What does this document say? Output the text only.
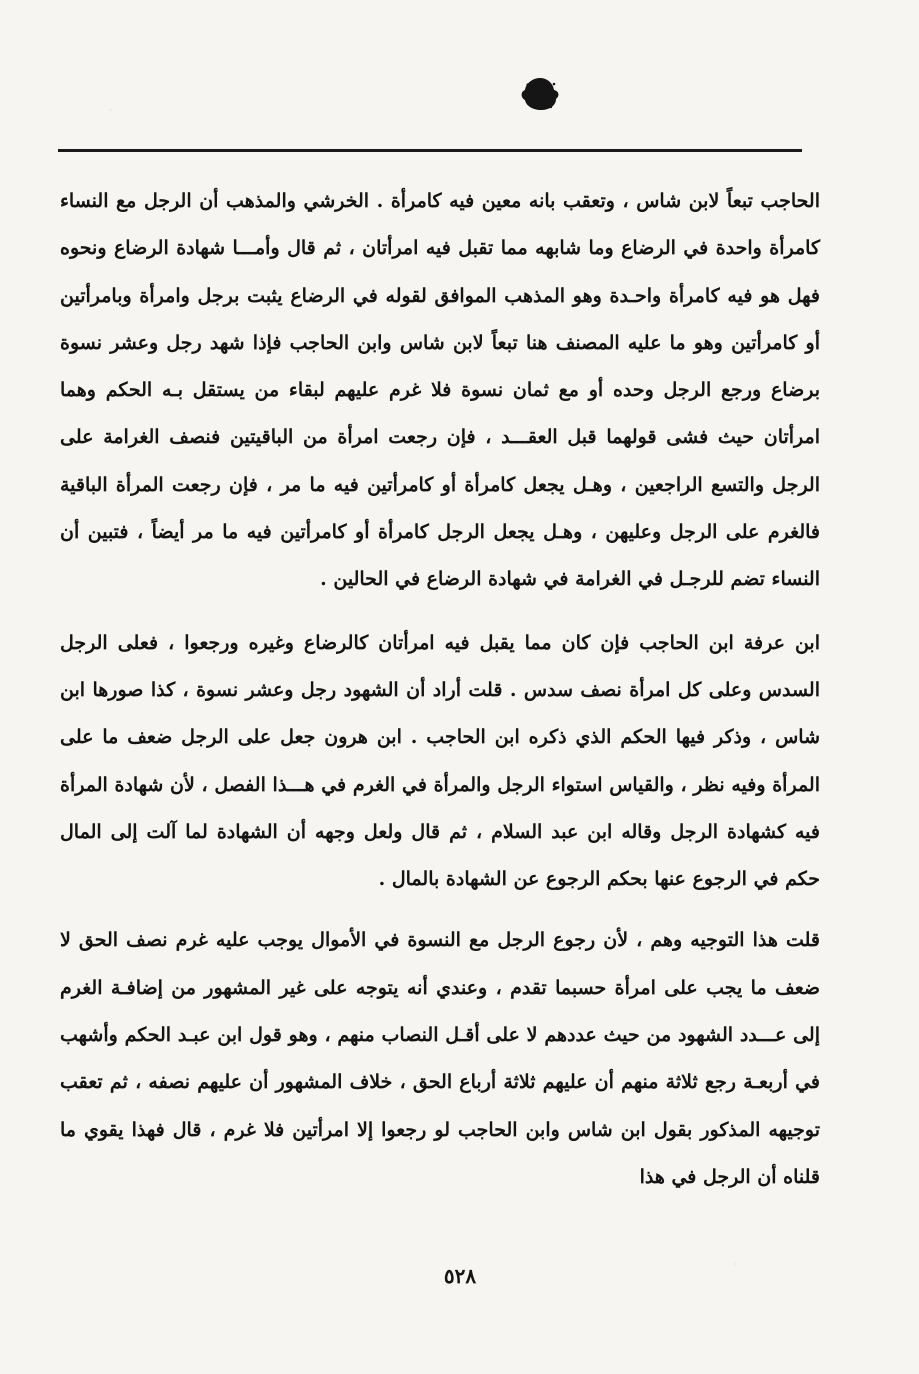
الحاجب تبعاً لابن شاس ، وتعقب بانه معين فيه كامرأة . الخرشي والمذهب أن الرجل مع النساء كامرأة واحدة في الرضاع وما شابهه مما تقبل فيه امرأتان ، ثم قال وأمـــا شهادة الرضاع ونحوه فهل هو فيه كامرأة واحـدة وهو المذهب الموافق لقوله في الرضاع يثبت برجل وامرأة وبامرأتين أو كامرأتين وهو ما عليه المصنف هنا تبعاً لابن شاس وابن الحاجب فإذا شهد رجل وعشر نسوة برضاع ورجع الرجل وحده أو مع ثمان نسوة فلا غرم عليهم لبقاء من يستقل بـه الحكم وهما امرأتان حيث فشى قولهما قبل العقـــد ، فإن رجعت امرأة من الباقيتين فنصف الغرامة على الرجل والتسع الراجعين ، وهـل يجعل كامرأة أو كامرأتين فيه ما مر ، فإن رجعت المرأة الباقية فالغرم على الرجل وعليهن ، وهـل يجعل الرجل كامرأة أو كامرأتين فيه ما مر أيضاً ، فتبين أن النساء تضم للرجـل في الغرامة في شهادة الرضاع في الحالين .

ابن عرفة ابن الحاجب فإن كان مما يقبل فيه امرأتان كالرضاع وغيره ورجعوا ، فعلى الرجل السدس وعلى كل امرأة نصف سدس . قلت أراد أن الشهود رجل وعشر نسوة ، كذا صورها ابن شاس ، وذكر فيها الحكم الذي ذكره ابن الحاجب . ابن هرون جعل على الرجل ضعف ما على المرأة وفيه نظر ، والقياس استواء الرجل والمرأة في الغرم في هـــذا الفصل ، لأن شهادة المرأة فيه كشهادة الرجل وقاله ابن عبد السلام ، ثم قال ولعل وجهه أن الشهادة لما آلت إلى المال حكم في الرجوع عنها بحكم الرجوع عن الشهادة بالمال .

قلت هذا التوجيه وهم ، لأن رجوع الرجل مع النسوة في الأموال يوجب عليه غرم نصف الحق لا ضعف ما يجب على امرأة حسبما تقدم ، وعندي أنه يتوجه على غير المشهور من إضافـة الغرم إلى عـــدد الشهود من حيث عددهم لا على أقـل النصاب منهم ، وهو قول ابن عبـد الحكم وأشهب في أربعـة رجع ثلاثة منهم أن عليهم ثلاثة أرباع الحق ، خلاف المشهور أن عليهم نصفه ، ثم تعقب توجيهه المذكور بقول ابن شاس وابن الحاجب لو رجعوا إلا امرأتين فلا غرم ، قال فهذا يقوي ما قلناه أن الرجل في هذا

٥٢٨
